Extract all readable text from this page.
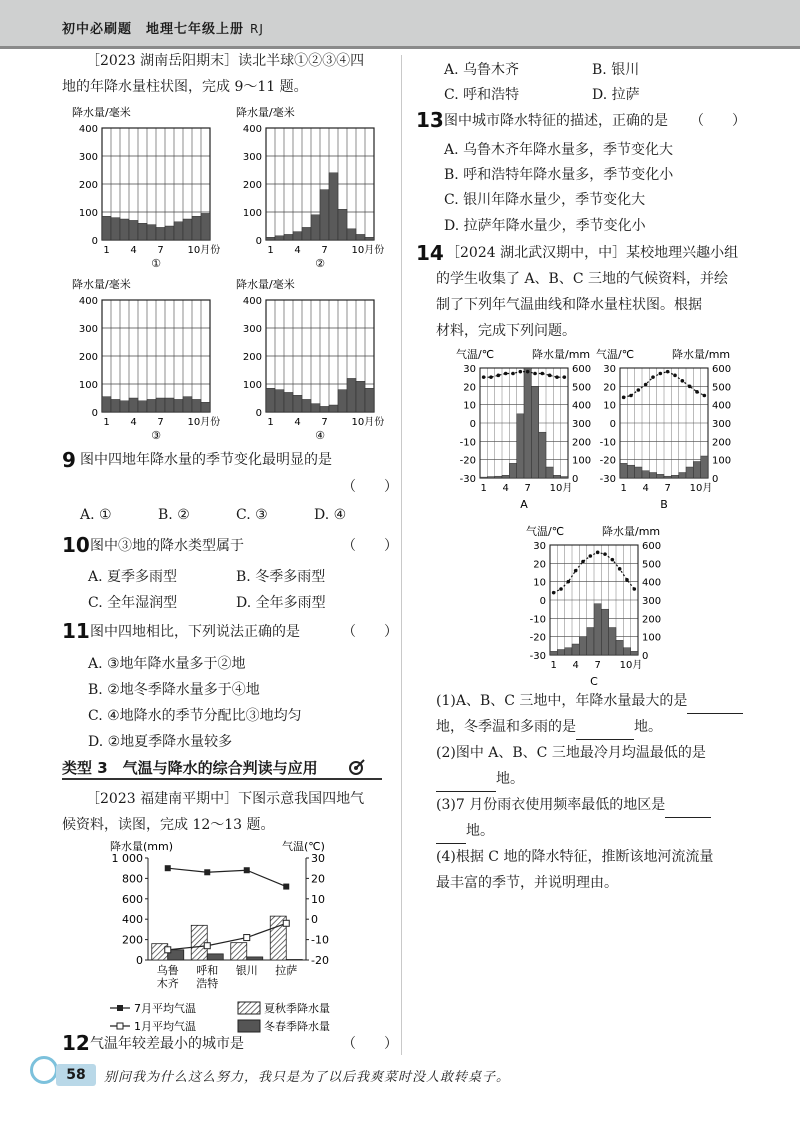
初中必刷题　 地理七年级上册 RJ
［2023 湖南岳阳期末］读北半球①②③④四
地的年降水量柱状图，完成 9～11 题。
降水量/毫米
400
300
200
100
0
1 4 7 10月份
①
降水量/毫米
400
300
200
100
0
1 4 7 10月份
②
降水量/毫米
400
300
200
100
0
1 4 7 10月份
③
降水量/毫米
400
300
200
100
0
1 4 7 10月份
④
9 图中四地年降水量的季节变化最明显的是
（　　）
A. ①	B. ②	C. ③	D. ④
10 图中③地的降水类型属于	（　　）
A. 夏季多雨型	B. 冬季多雨型
C. 全年湿润型	D. 全年多雨型
11 图中四地相比，下列说法正确的是	（　　）
A. ③地年降水量多于②地
B. ②地冬季降水量多于④地
C. ④地降水的季节分配比③地均匀
D. ②地夏季降水量较多
类型 3　气温与降水的综合判读与应用
［2023 福建南平期中］下图示意我国四地气
候资料，读图，完成 12～13 题。
降水量(mm)	气温(℃)
1 000	30
800	20
600	10
400	0
200	-10
0	-20
乌鲁
木齐
呼和
浩特
银川 拉萨
7月平均气温	夏秋季降水量
1月平均气温	冬春季降水量
12 气温年较差最小的城市是	（　　）
A. 乌鲁木齐	B. 银川
C. 呼和浩特	D. 拉萨
13 图中城市降水特征的描述，正确的是 （　　）
A. 乌鲁木齐年降水量多，季节变化大
B. 呼和浩特年降水量多，季节变化小
C. 银川年降水量少，季节变化大
D. 拉萨年降水量少，季节变化小
14 ［2024 湖北武汉期中，中］某校地理兴趣小组
的学生收集了 A、B、C 三地的气候资料，并绘
制了下列年气温曲线和降水量柱状图。根据
材料，完成下列问题。
气温/℃	降水量/mm
30	600
20	500
10	400
0	300
-10	200
-20	100
-30	0
1 4 7 10月
A
气温/℃	降水量/mm
30	600
20	500
10	400
0	300
-10	200
-20	100
-30	0
1 4 7 10月
B
气温/℃	降水量/mm
30	600
20	500
10	400
0	300
-10	200
-20	100
-30	0
1 4 7 10月
C
(1)A、B、C 三地中，年降水量最大的是
地，冬季温和多雨的是	地。
(2)图中 A、B、C 三地最冷月均温最低的是
地。
(3)7 月份雨衣使用频率最低的地区是
地。
(4)根据 C 地的降水特征，推断该地河流流量
最丰富的季节，并说明理由。
58	别问我为什么这么努力，我只是为了以后我爽菜时没人敢转桌子。
